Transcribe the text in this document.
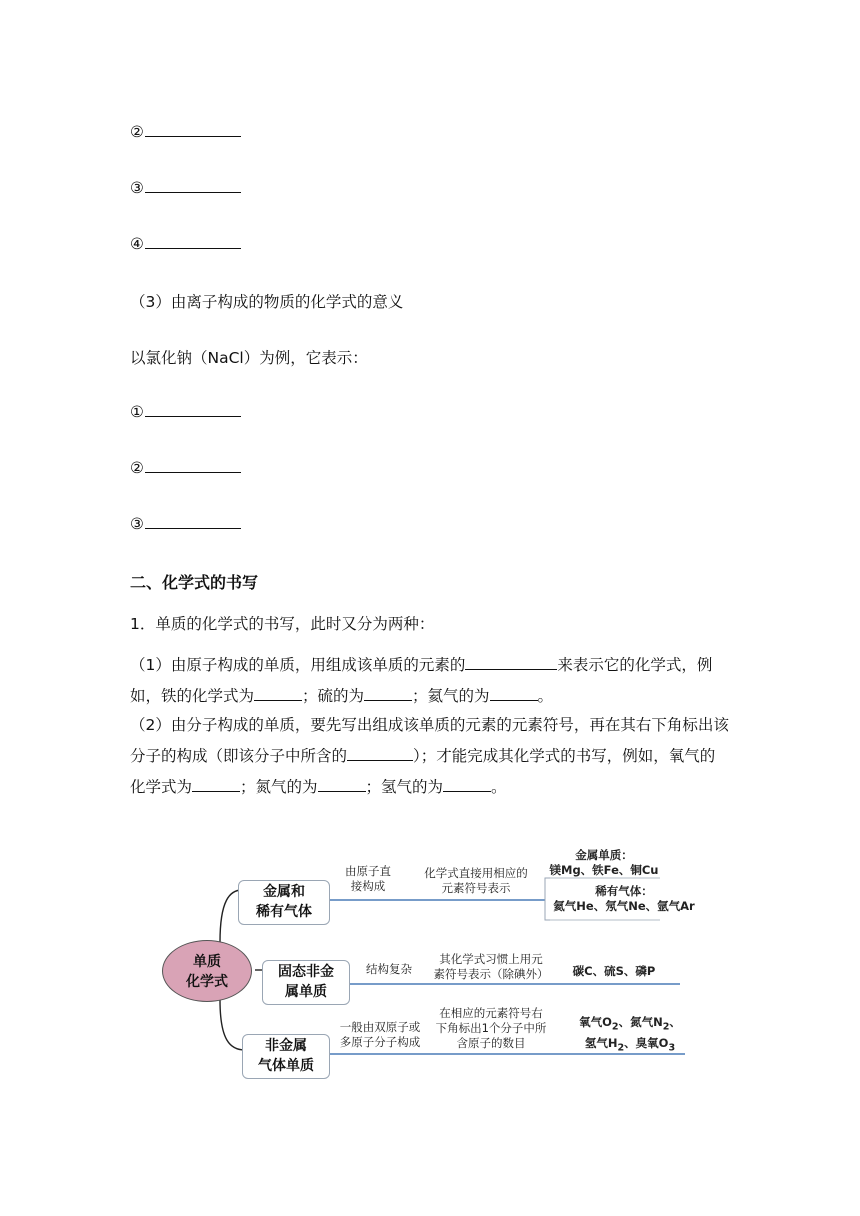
②
③
④
（3）由离子构成的物质的化学式的意义
以氯化钠（NaCl）为例，它表示：
①
②
③
二、化学式的书写
1．单质的化学式的书写，此时又分为两种：
（1）由原子构成的单质，用组成该单质的元素的	来表示它的化学式，例如，铁的化学式为	；硫的为	；氦气的为	。
（2）由分子构成的单质，要先写出组成该单质的元素的元素符号，再在其右下角标出该分子的构成（即该分子中所含的	）；才能完成其化学式的书写，例如，氧气的化学式为	；氮气的为	；氢气的为	。
单质
化学式
金属和
稀有气体
由原子直
接构成
化学式直接用相应的
元素符号表示
金属单质：
镁Mg、铁Fe、铜Cu
稀有气体：
氦气He、氖气Ne、氩气Ar
固态非金
属单质
结构复杂
其化学式习惯上用元
素符号表示（除碘外）	碳C、硫S、磷P
非金属
气体单质
一般由双原子或
多原子分子构成
在相应的元素符号右
下角标出1个分子中所
含原子的数目
氧气$O_2$、氮气$N_2$、
氢气$H_2$、臭氧$O_3$
